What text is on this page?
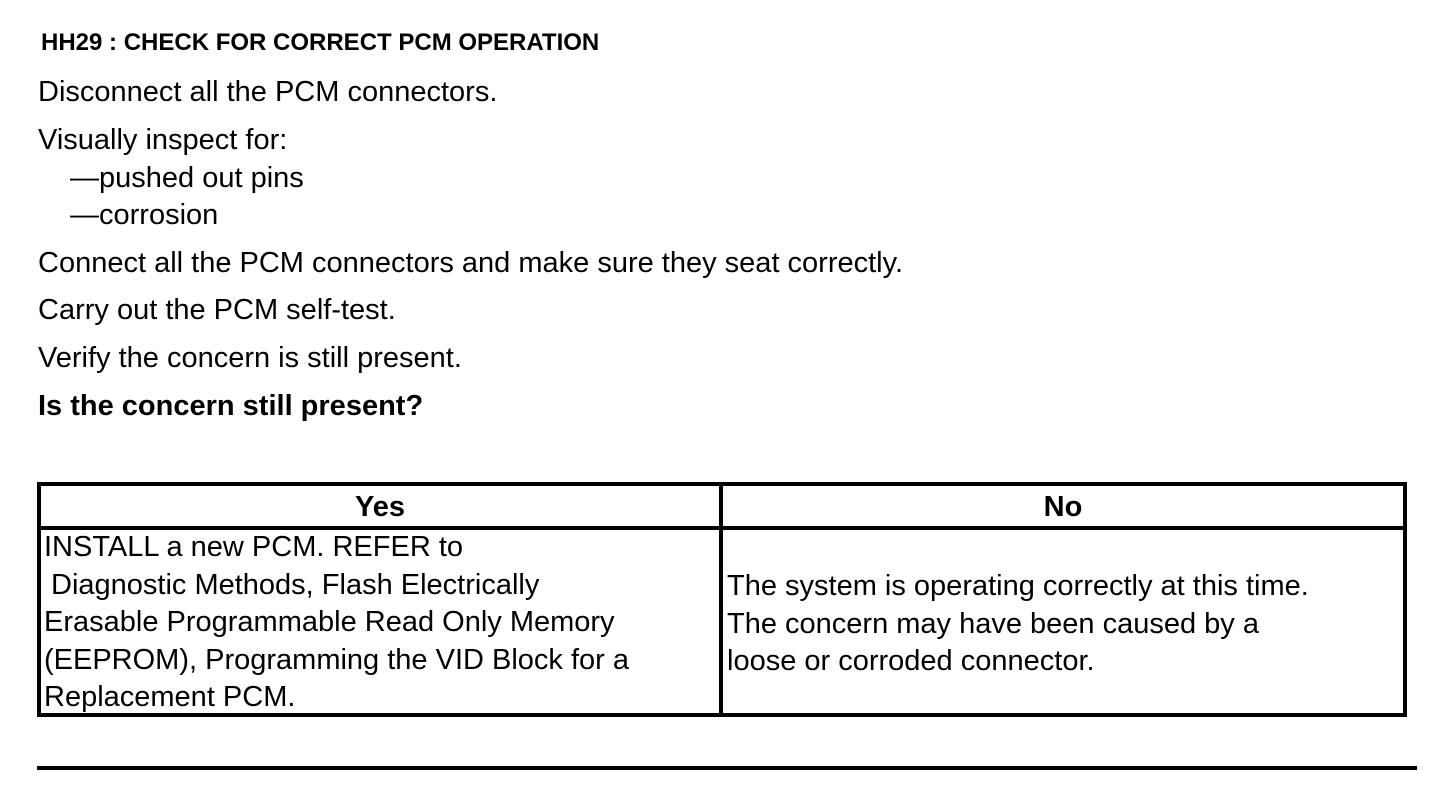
HH29 : CHECK FOR CORRECT PCM OPERATION
Disconnect all the PCM connectors.
Visually inspect for:
—pushed out pins
—corrosion
Connect all the PCM connectors and make sure they seat correctly.
Carry out the PCM self-test.
Verify the concern is still present.
Is the concern still present?
Yes	No
INSTALL a new PCM. REFER to
Diagnostic Methods, Flash Electrically
Erasable Programmable Read Only Memory
(EEPROM), Programming the VID Block for a
Replacement PCM.
The system is operating correctly at this time.
The concern may have been caused by a
loose or corroded connector.
